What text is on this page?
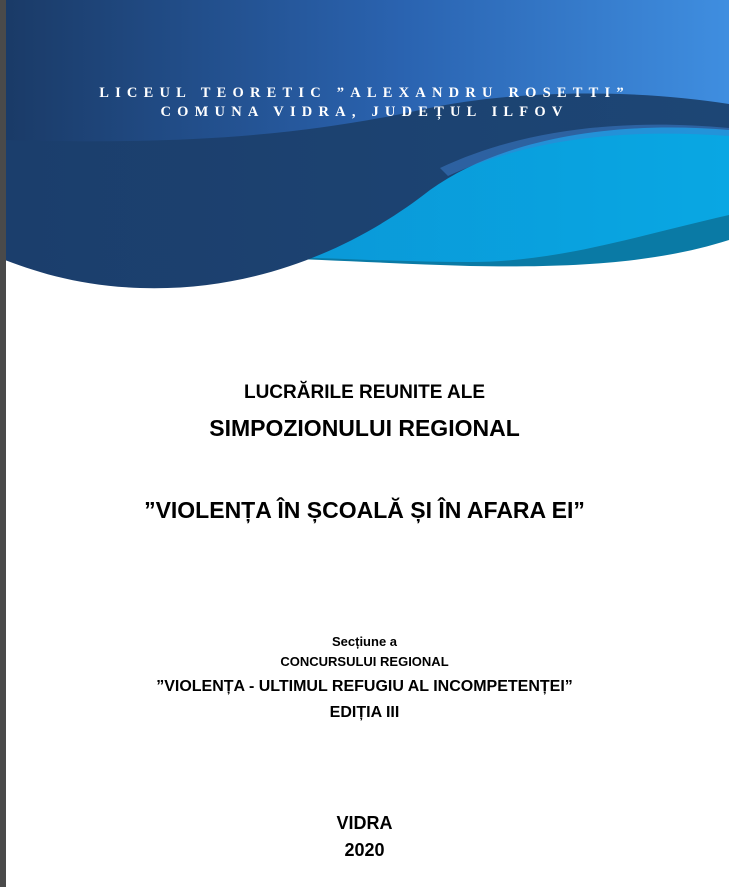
LICEUL TEORETIC ”ALEXANDRU ROSETTI”
COMUNA VIDRA, JUDEȚUL ILFOV
LUCRĂRILE REUNITE ALE
SIMPOZIONULUI REGIONAL
”VIOLENȚA ÎN ȘCOALĂ ȘI ÎN AFARA EI”
Secțiune a
CONCURSULUI REGIONAL
”VIOLENȚA - ULTIMUL REFUGIU AL INCOMPETENȚEI”
EDIȚIA III
VIDRA
2020
